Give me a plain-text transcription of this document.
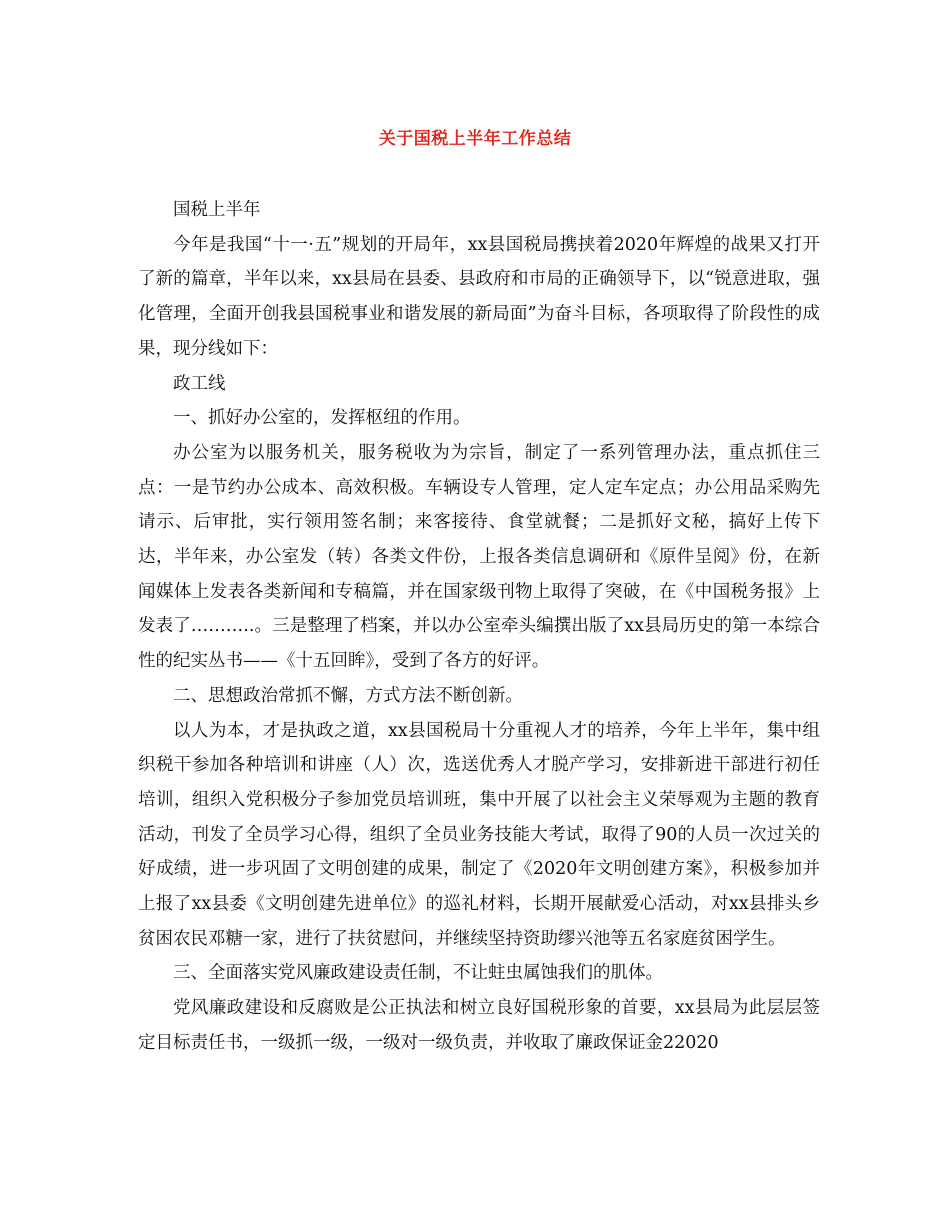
关于国税上半年工作总结

国税上半年

今年是我国“十一·五”规划的开局年，xx县国税局携挟着2020年辉煌的战果又打开了新的篇章，半年以来，xx县局在县委、县政府和市局的正确领导下，以“锐意进取，强化管理，全面开创我县国税事业和谐发展的新局面”为奋斗目标，各项取得了阶段性的成果，现分线如下：

政工线

一、抓好办公室的，发挥枢纽的作用。

办公室为以服务机关，服务税收为为宗旨，制定了一系列管理办法，重点抓住三点：一是节约办公成本、高效积极。车辆设专人管理，定人定车定点；办公用品采购先请示、后审批，实行领用签名制；来客接待、食堂就餐；二是抓好文秘，搞好上传下达，半年来，办公室发（转）各类文件份，上报各类信息调研和《原件呈阅》份，在新闻媒体上发表各类新闻和专稿篇，并在国家级刊物上取得了突破，在《中国税务报》上发表了………..。三是整理了档案，并以办公室牵头编撰出版了xx县局历史的第一本综合性的纪实丛书——《十五回眸》，受到了各方的好评。

二、思想政治常抓不懈，方式方法不断创新。

以人为本，才是执政之道，xx县国税局十分重视人才的培养，今年上半年，集中组织税干参加各种培训和讲座（人）次，选送优秀人才脱产学习，安排新进干部进行初任培训，组织入党积极分子参加党员培训班，集中开展了以社会主义荣辱观为主题的教育活动，刊发了全员学习心得，组织了全员业务技能大考试，取得了90的人员一次过关的好成绩，进一步巩固了文明创建的成果，制定了《2020年文明创建方案》，积极参加并上报了xx县委《文明创建先进单位》的巡礼材料，长期开展献爱心活动，对xx县排头乡贫困农民邓糖一家，进行了扶贫慰问，并继续坚持资助缪兴池等五名家庭贫困学生。

三、全面落实党风廉政建设责任制，不让蛀虫属蚀我们的肌体。

党风廉政建设和反腐败是公正执法和树立良好国税形象的首要，xx县局为此层层签定目标责任书，一级抓一级，一级对一级负责，并收取了廉政保证金22020
